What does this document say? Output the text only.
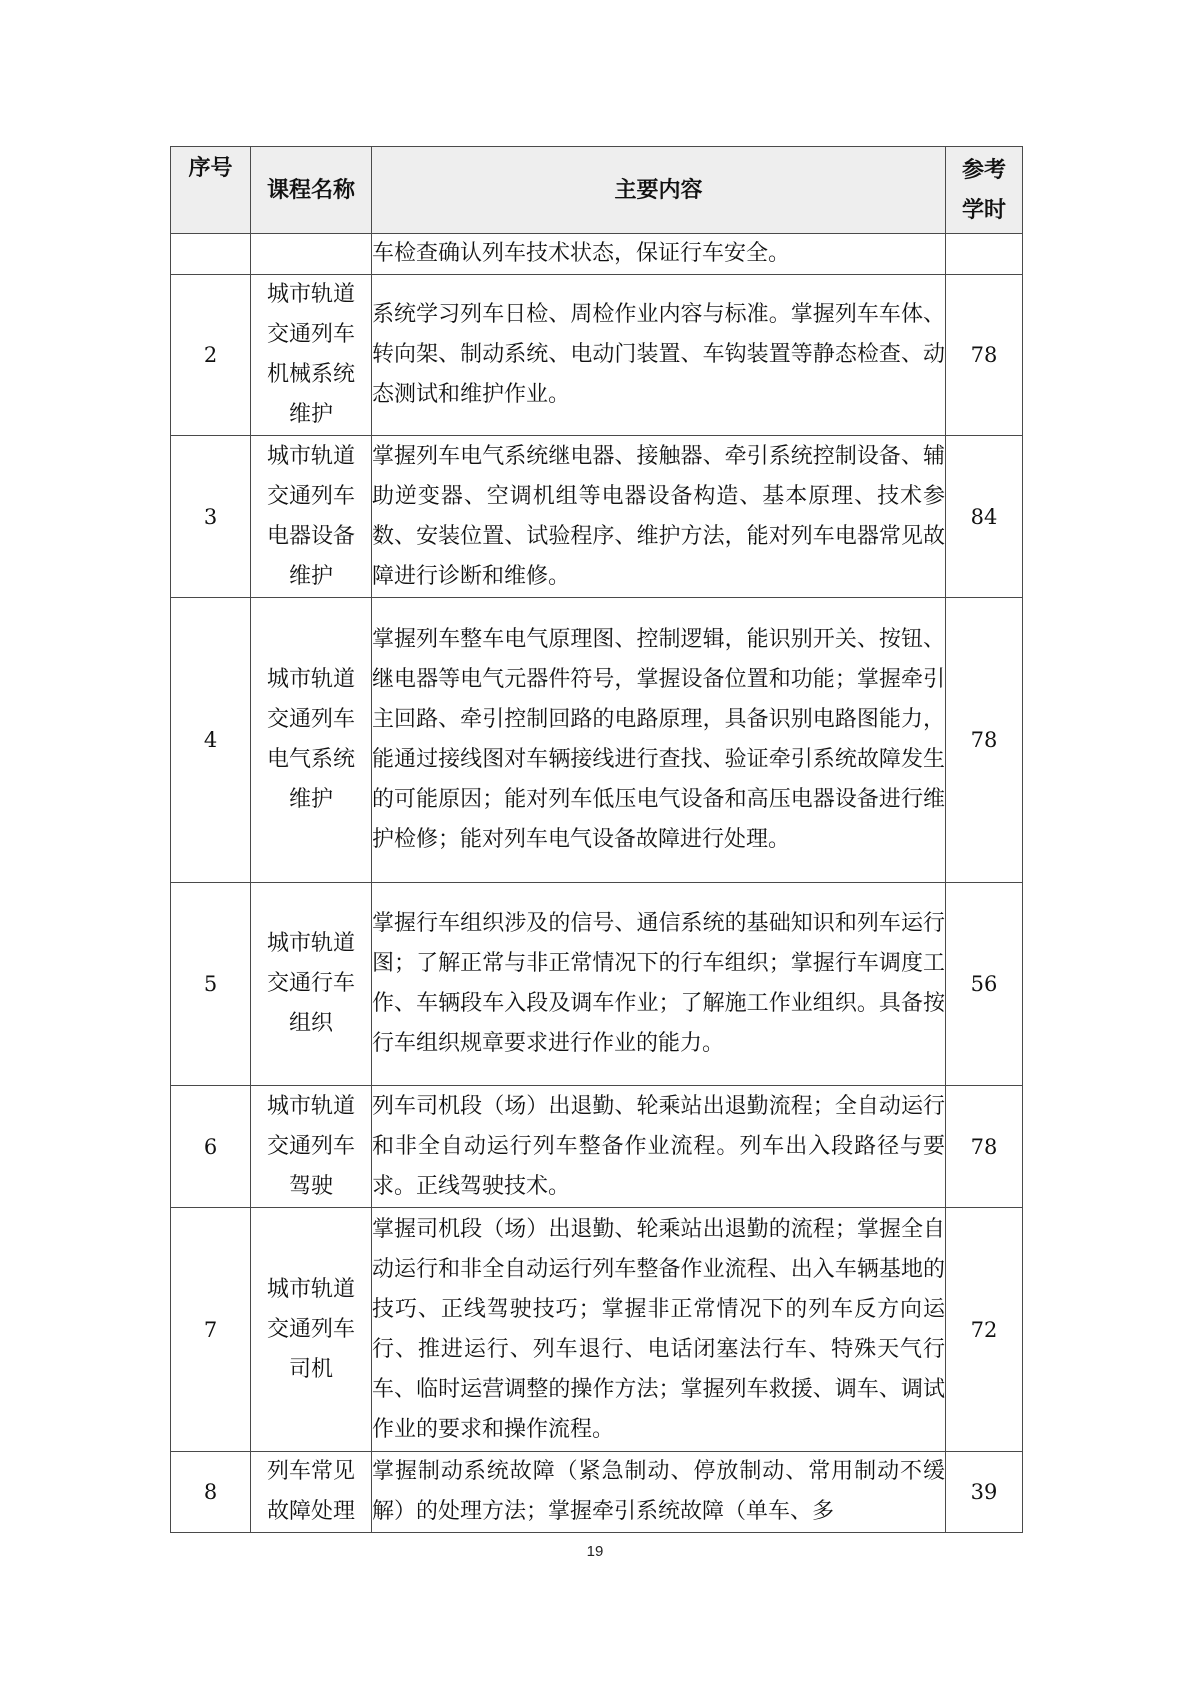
序号	课程名称	主要内容	参考
学时

		车检查确认列车技术状态，保证行车安全。	
2	城市轨道
交通列车
机械系统
维护	系统学习列车日检、周检作业内容与标准。掌握列车车体、转向架、制动系统、电动门装置、车钩装置等静态检查、动态测试和维护作业。	78
3	城市轨道
交通列车
电器设备
维护	掌握列车电气系统继电器、接触器、牵引系统控制设备、辅助逆变器、空调机组等电器设备构造、基本原理、技术参数、安装位置、试验程序、维护方法，能对列车电器常见故障进行诊断和维修。	84
4	城市轨道
交通列车
电气系统
维护	掌握列车整车电气原理图、控制逻辑，能识别开关、按钮、继电器等电气元器件符号，掌握设备位置和功能；掌握牵引主回路、牵引控制回路的电路原理，具备识别电路图能力，能通过接线图对车辆接线进行查找、验证牵引系统故障发生的可能原因；能对列车低压电气设备和高压电器设备进行维护检修；能对列车电气设备故障进行处理。	78
5	城市轨道
交通行车
组织	掌握行车组织涉及的信号、通信系统的基础知识和列车运行图；了解正常与非正常情况下的行车组织；掌握行车调度工作、车辆段车入段及调车作业；了解施工作业组织。具备按行车组织规章要求进行作业的能力。	56
6	城市轨道
交通列车
驾驶	列车司机段（场）出退勤、轮乘站出退勤流程；全自动运行和非全自动运行列车整备作业流程。列车出入段路径与要求。正线驾驶技术。	78
7	城市轨道
交通列车
司机	掌握司机段（场）出退勤、轮乘站出退勤的流程；掌握全自动运行和非全自动运行列车整备作业流程、出入车辆基地的技巧、正线驾驶技巧；掌握非正常情况下的列车反方向运行、推进运行、列车退行、电话闭塞法行车、特殊天气行车、临时运营调整的操作方法；掌握列车救援、调车、调试作业的要求和操作流程。	72
8	列车常见
故障处理	掌握制动系统故障（紧急制动、停放制动、常用制动不缓解）的处理方法；掌握牵引系统故障（单车、多	39
19
